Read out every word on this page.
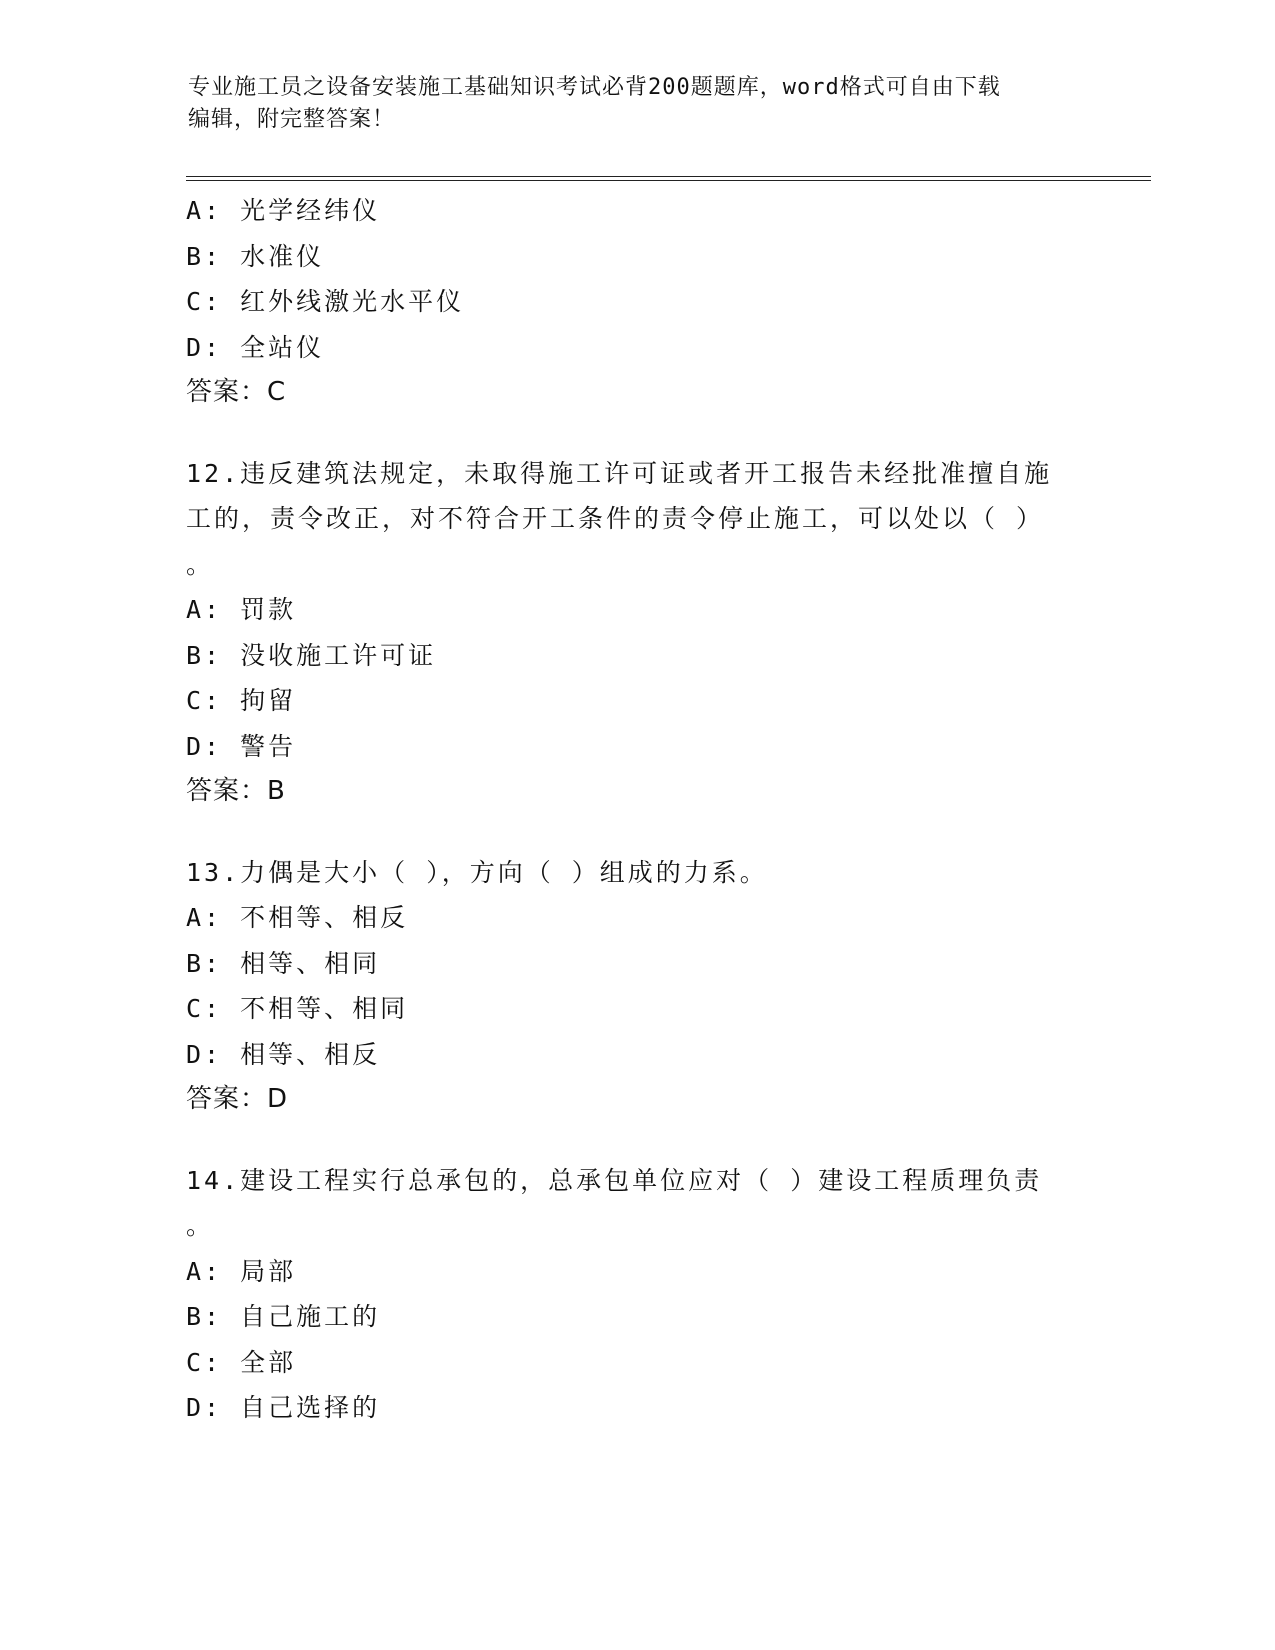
专业施工员之设备安装施工基础知识考试必背200题题库，word格式可自由下载
编辑，附完整答案！
A: 光学经纬仪
B: 水准仪
C: 红外线激光水平仪
D: 全站仪
答案：C
12.违反建筑法规定，未取得施工许可证或者开工报告未经批准擅自施
工的，责令改正，对不符合开工条件的责令停止施工，可以处以（ ）
。
A: 罚款
B: 没收施工许可证
C: 拘留
D: 警告
答案：B
13.力偶是大小（ ），方向（ ）组成的力系。
A: 不相等、相反
B: 相等、相同
C: 不相等、相同
D: 相等、相反
答案：D
14.建设工程实行总承包的，总承包单位应对（ ）建设工程质理负责
。
A: 局部
B: 自己施工的
C: 全部
D: 自己选择的
